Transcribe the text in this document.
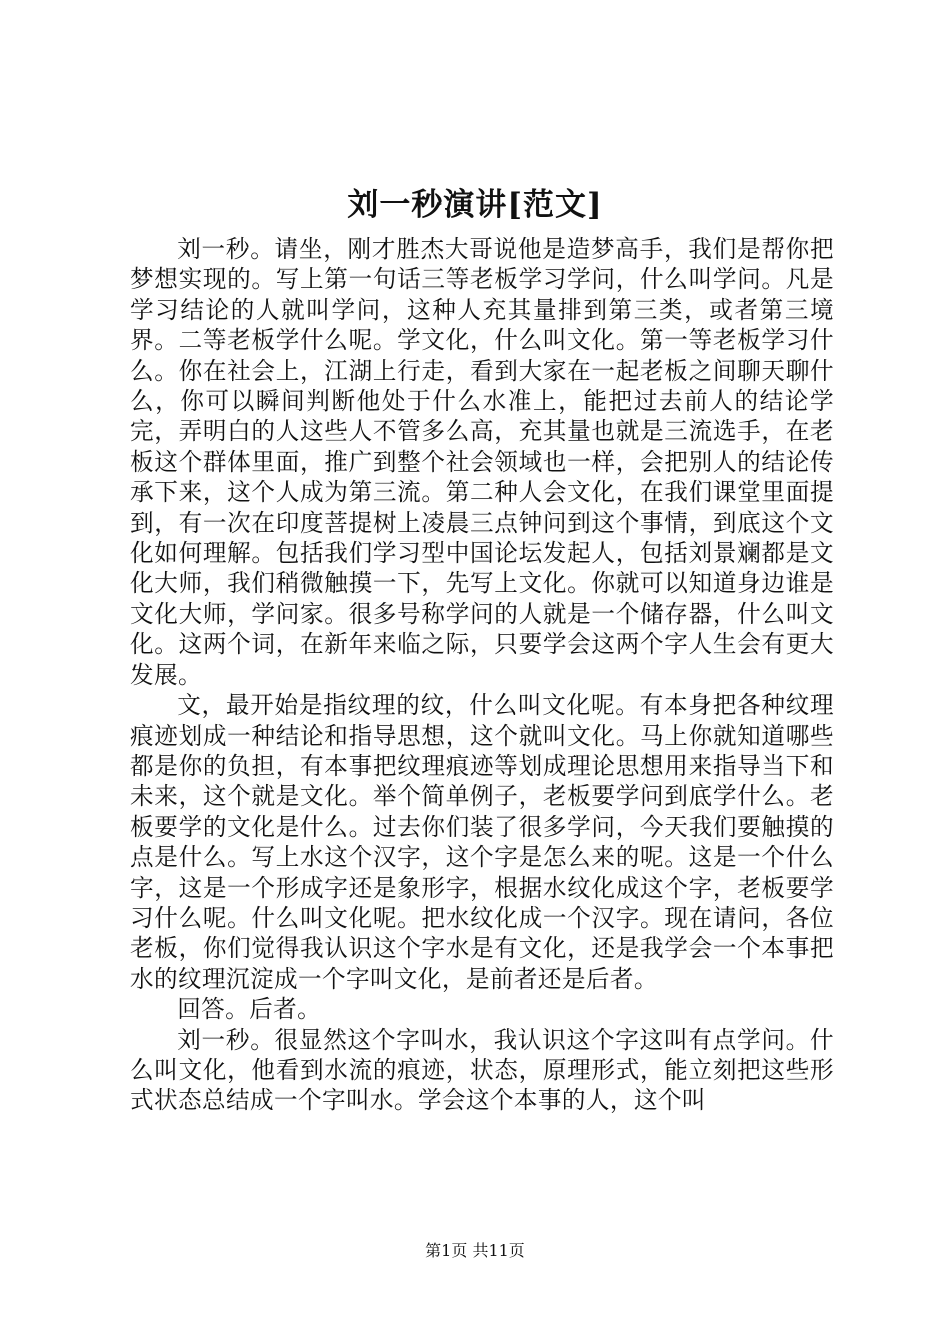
刘一秒演讲[范文]

刘一秒。请坐，刚才胜杰大哥说他是造梦高手，我们是帮你把梦想实现的。写上第一句话三等老板学习学问，什么叫学问。凡是学习结论的人就叫学问，这种人充其量排到第三类，或者第三境界。二等老板学什么呢。学文化，什么叫文化。第一等老板学习什么。你在社会上，江湖上行走，看到大家在一起老板之间聊天聊什么，你可以瞬间判断他处于什么水准上，能把过去前人的结论学完，弄明白的人这些人不管多么高，充其量也就是三流选手，在老板这个群体里面，推广到整个社会领域也一样，会把别人的结论传承下来，这个人成为第三流。第二种人会文化，在我们课堂里面提到，有一次在印度菩提树上凌晨三点钟问到这个事情，到底这个文化如何理解。包括我们学习型中国论坛发起人，包括刘景斓都是文化大师，我们稍微触摸一下，先写上文化。你就可以知道身边谁是文化大师，学问家。很多号称学问的人就是一个储存器，什么叫文化。这两个词，在新年来临之际，只要学会这两个字人生会有更大发展。

文，最开始是指纹理的纹，什么叫文化呢。有本身把各种纹理痕迹划成一种结论和指导思想，这个就叫文化。马上你就知道哪些都是你的负担，有本事把纹理痕迹等划成理论思想用来指导当下和未来，这个就是文化。举个简单例子，老板要学问到底学什么。老板要学的文化是什么。过去你们装了很多学问，今天我们要触摸的点是什么。写上水这个汉字，这个字是怎么来的呢。这是一个什么字，这是一个形成字还是象形字，根据水纹化成这个字，老板要学习什么呢。什么叫文化呢。把水纹化成一个汉字。现在请问，各位老板，你们觉得我认识这个字水是有文化，还是我学会一个本事把水的纹理沉淀成一个字叫文化，是前者还是后者。

回答。后者。

刘一秒。很显然这个字叫水，我认识这个字这叫有点学问。什么叫文化，他看到水流的痕迹，状态，原理形式，能立刻把这些形式状态总结成一个字叫水。学会这个本事的人，这个叫

第1页 共11页
